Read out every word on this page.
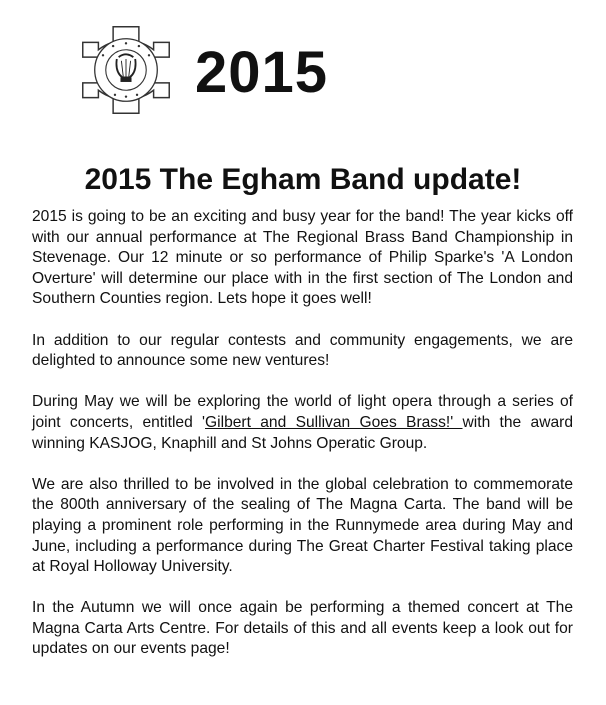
2015
2015 The Egham Band update!

2015 is going to be an exciting and busy year for the band! The year kicks off with our annual performance at The Regional Brass Band Championship in Stevenage. Our 12 minute or so performance of Philip Sparke's 'A London Overture' will determine our place with in the first section of The London and Southern Counties region. Lets hope it goes well!

In addition to our regular contests and community engagements, we are delighted to announce some new ventures!

During May we will be exploring the world of light opera through a series of joint concerts, entitled 'Gilbert and Sullivan Goes Brass!' with the award winning KASJOG, Knaphill and St Johns Operatic Group.

We are also thrilled to be involved in the global celebration to commemorate the 800th anniversary of the sealing of The Magna Carta. The band will be playing a prominent role performing in the Runnymede area during May and June, including a performance during The Great Charter Festival taking place at Royal Holloway University.

In the Autumn we will once again be performing a themed concert at The Magna Carta Arts Centre. For details of this and all events keep a look out for updates on our events page!
